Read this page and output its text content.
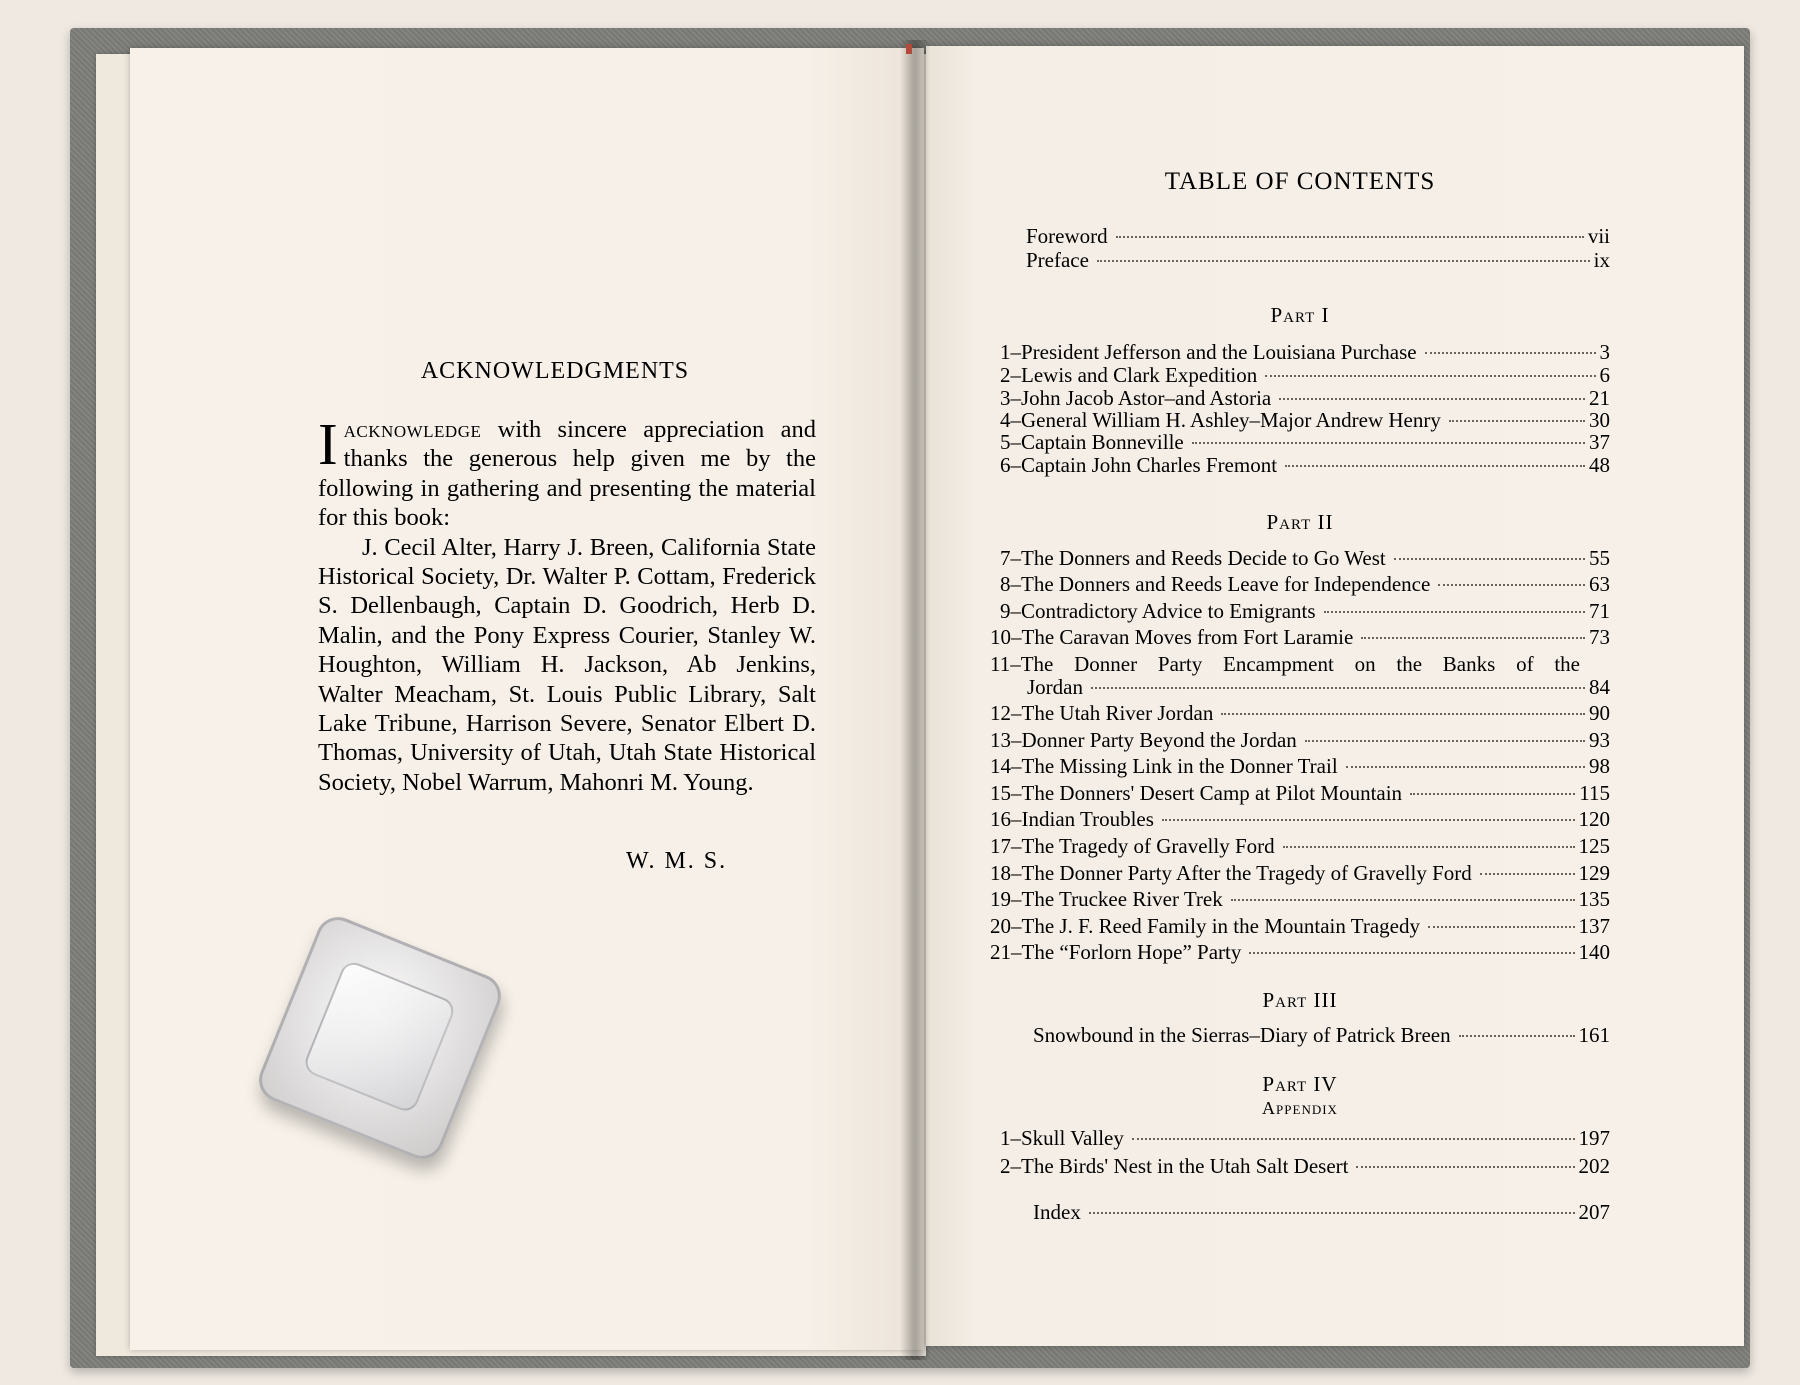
ACKNOWLEDGMENTS

Iacknowledge with sincere appreciation and thanks the generous help given me by the following in gathering and presenting the material for this book:

J. Cecil Alter, Harry J. Breen, California State Historical Society, Dr. Walter P. Cottam, Frederick S. Dellenbaugh, Captain D. Goodrich, Herb D. Malin, and the Pony Express Courier, Stanley W. Houghton, William H. Jackson, Ab Jenkins, Walter Meacham, St. Louis Public Library, Salt Lake Tribune, Harrison Severe, Senator Elbert D. Thomas, University of Utah, Utah State Historical Society, Nobel Warrum, Mahonri M. Young.

W. M. S.
TABLE OF CONTENTS
Foreword	vii
Preface	ix
Part I
1–President Jefferson and the Louisiana Purchase	3
2–Lewis and Clark Expedition	6
3–John Jacob Astor–and Astoria	21
4–General William H. Ashley–Major Andrew Henry	30
5–Captain Bonneville	37
6–Captain John Charles Fremont	48
Part II
7–The Donners and Reeds Decide to Go West	55
8–The Donners and Reeds Leave for Independence	63
9–Contradictory Advice to Emigrants	71
10–The Caravan Moves from Fort Laramie	73
11–The Donner Party Encampment on the Banks of the
Jordan	84
12–The Utah River Jordan	90
13–Donner Party Beyond the Jordan	93
14–The Missing Link in the Donner Trail	98
15–The Donners' Desert Camp at Pilot Mountain	115
16–Indian Troubles	120
17–The Tragedy of Gravelly Ford	125
18–The Donner Party After the Tragedy of Gravelly Ford	129
19–The Truckee River Trek	135
20–The J. F. Reed Family in the Mountain Tragedy	137
21–The “Forlorn Hope” Party	140
Part III
Snowbound in the Sierras–Diary of Patrick Breen	161
Part IV
Appendix
1–Skull Valley	197
2–The Birds' Nest in the Utah Salt Desert	202
Index	207
